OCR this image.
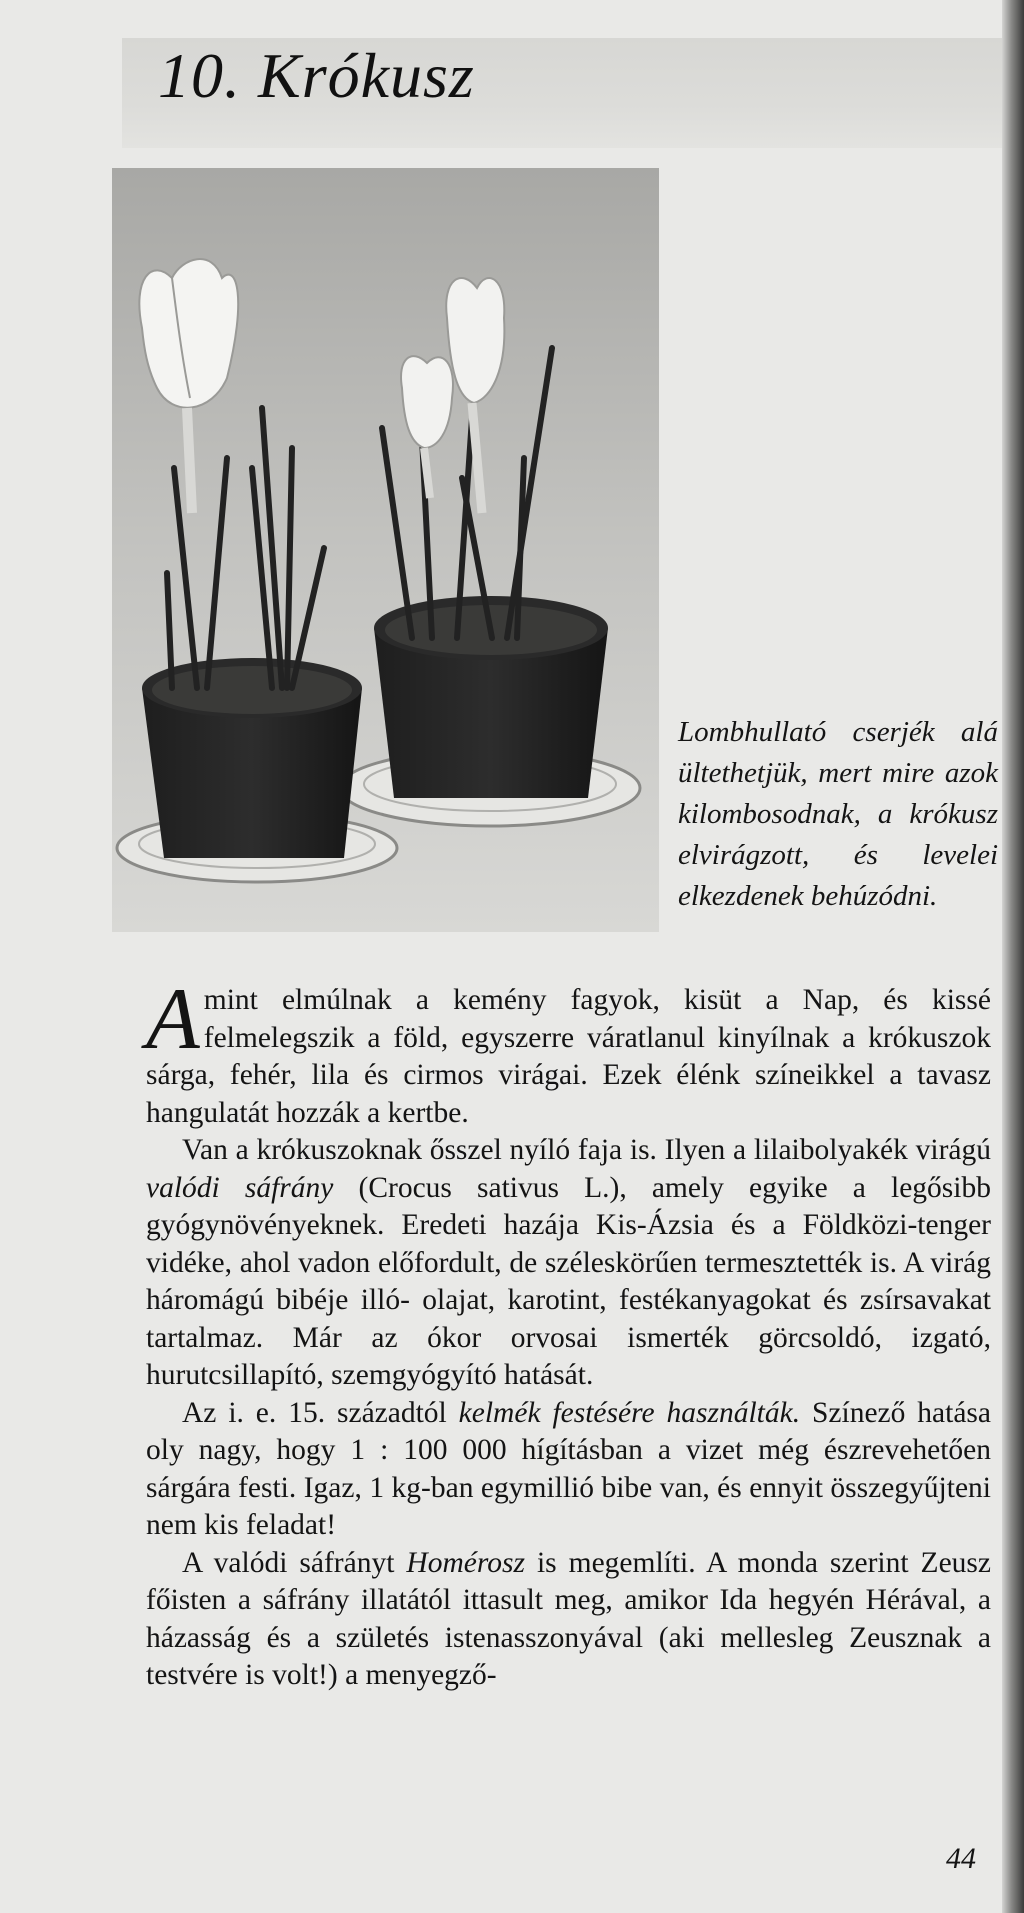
10. Krókusz
Lombhullató cserjék alá ültethetjük, mert mire azok kilombosodnak, a krókusz elvirágzott, és levelei elkezdenek behúzódni.

Amint elmúlnak a kemény fagyok, kisüt a Nap, és kissé felmelegszik a föld, egyszerre váratlanul kinyílnak a krókuszok sárga, fehér, lila és cirmos virágai. Ezek élénk színeikkel a tavasz hangulatát hozzák a kertbe.

Van a krókuszoknak ősszel nyíló faja is. Ilyen a lilaibolyakék virágú valódi sáfrány (Crocus sativus L.), amely egyike a legősibb gyógynövényeknek. Eredeti hazája Kis-Ázsia és a Földközi-tenger vidéke, ahol vadon előfordult, de széleskörűen termesztették is. A virág háromágú bibéje illó- olajat, karotint, festékanyagokat és zsírsavakat tartalmaz. Már az ókor orvosai ismerték görcsoldó, izgató, hurutcsillapító, szemgyógyító hatását.

Az i. e. 15. századtól kelmék festésére használták. Színező hatása oly nagy, hogy 1 : 100 000 hígításban a vizet még észrevehetően sárgára festi. Igaz, 1 kg-ban egymillió bibe van, és ennyit összegyűjteni nem kis feladat!

A valódi sáfrányt Homérosz is megemlíti. A monda szerint Zeusz főisten a sáfrány illatától ittasult meg, amikor Ida hegyén Hérával, a házasság és a születés istenasszonyával (aki mellesleg Zeusznak a testvére is volt!) a menyegző-

44
